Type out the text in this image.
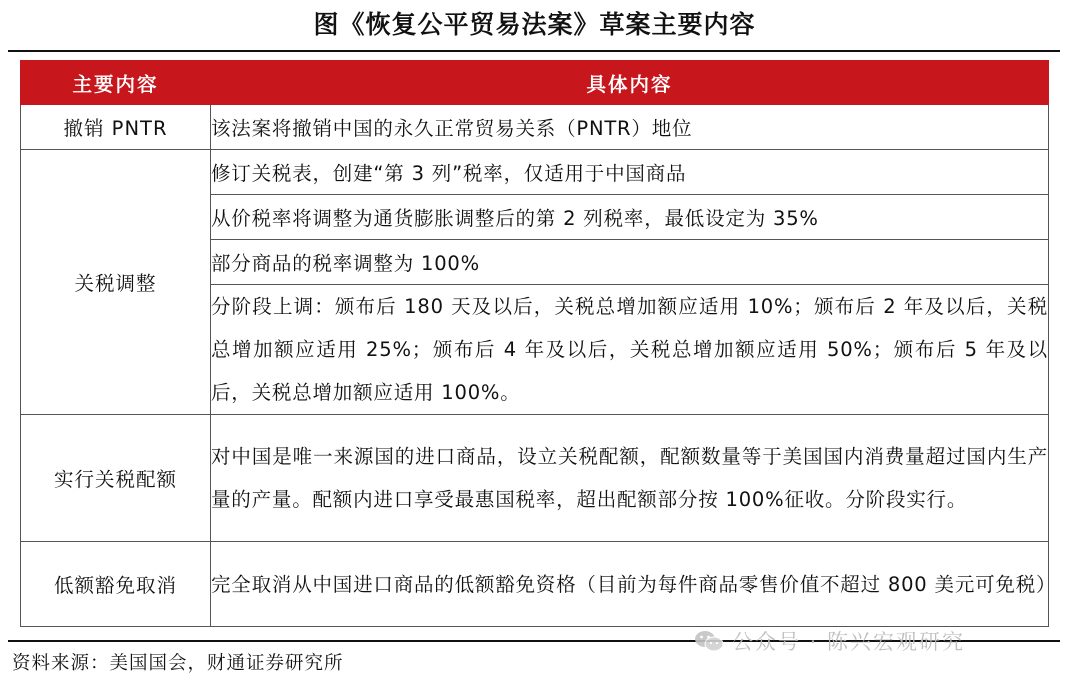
图《恢复公平贸易法案》草案主要内容
主要内容	具体内容
撤销 PNTR	该法案将撤销中国的永久正常贸易关系（PNTR）地位
关税调整	修订关税表，创建“第 3 列”税率，仅适用于中国商品
	从价税率将调整为通货膨胀调整后的第 2 列税率，最低设定为 35%
	部分商品的税率调整为 100%
	分阶段上调：颁布后 180 天及以后，关税总增加额应适用 10%；颁布后 2 年及以后，关税总增加额应适用 25%；颁布后 4 年及以后，关税总增加额应适用 50%；颁布后 5 年及以后，关税总增加额应适用 100%。
实行关税配额	对中国是唯一来源国的进口商品，设立关税配额，配额数量等于美国国内消费量超过国内生产量的产量。配额内进口享受最惠国税率，超出配额部分按 100%征收。分阶段实行。
低额豁免取消	完全取消从中国进口商品的低额豁免资格（目前为每件商品零售价值不超过 800 美元可免税）
资料来源：美国国会，财通证券研究所
公众号 · 陈兴宏观研究
